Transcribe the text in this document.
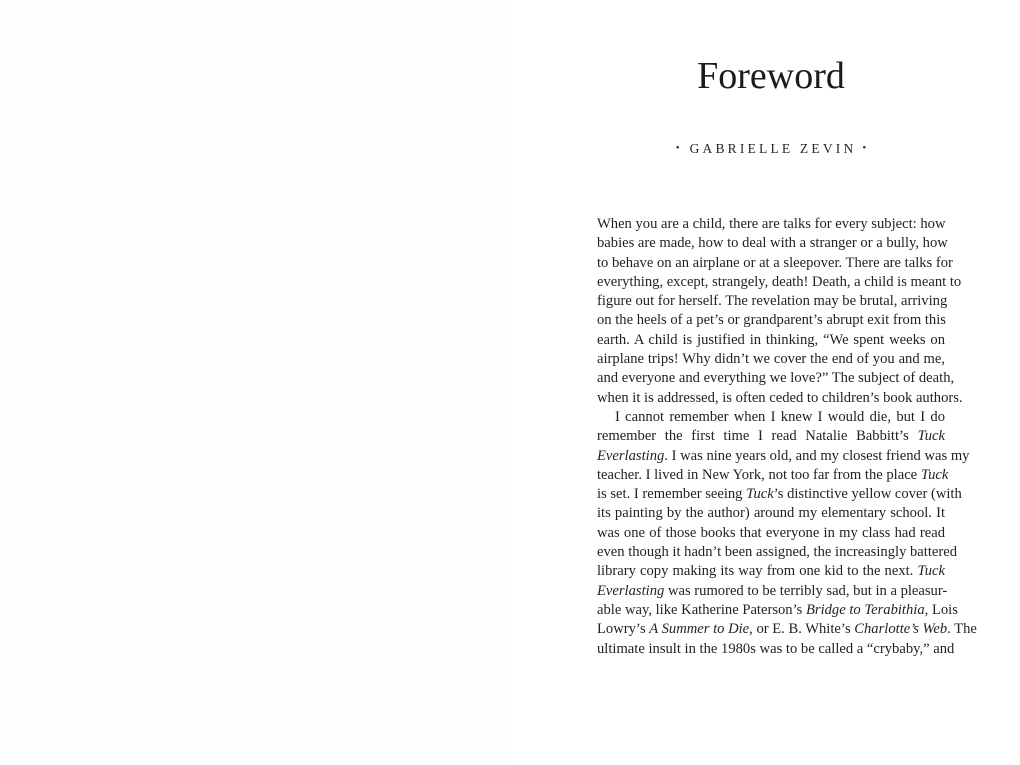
Foreword
• GABRIELLE ZEVIN •
When you are a child, there are talks for every subject: how
babies are made, how to deal with a stranger or a bully, how
to behave on an airplane or at a sleepover. There are talks for
everything, except, strangely, death! Death, a child is meant to
figure out for herself. The revelation may be brutal, arriving
on the heels of a pet’s or grandparent’s abrupt exit from this
earth. A child is justified in thinking, “We spent weeks on
airplane trips! Why didn’t we cover the end of you and me,
and everyone and everything we love?” The subject of death,
when it is addressed, is often ceded to children’s book authors.
I cannot remember when I knew I would die, but I do
remember the first time I read Natalie Babbitt’s Tuck
Everlasting. I was nine years old, and my closest friend was my
teacher. I lived in New York, not too far from the place Tuck
is set. I remember seeing Tuck’s distinctive yellow cover (with
its painting by the author) around my elementary school. It
was one of those books that everyone in my class had read
even though it hadn’t been assigned, the increasingly battered
library copy making its way from one kid to the next. Tuck
Everlasting was rumored to be terribly sad, but in a pleasur-
able way, like Katherine Paterson’s Bridge to Terabithia, Lois
Lowry’s A Summer to Die, or E. B. White’s Charlotte’s Web. The
ultimate insult in the 1980s was to be called a “crybaby,” and
